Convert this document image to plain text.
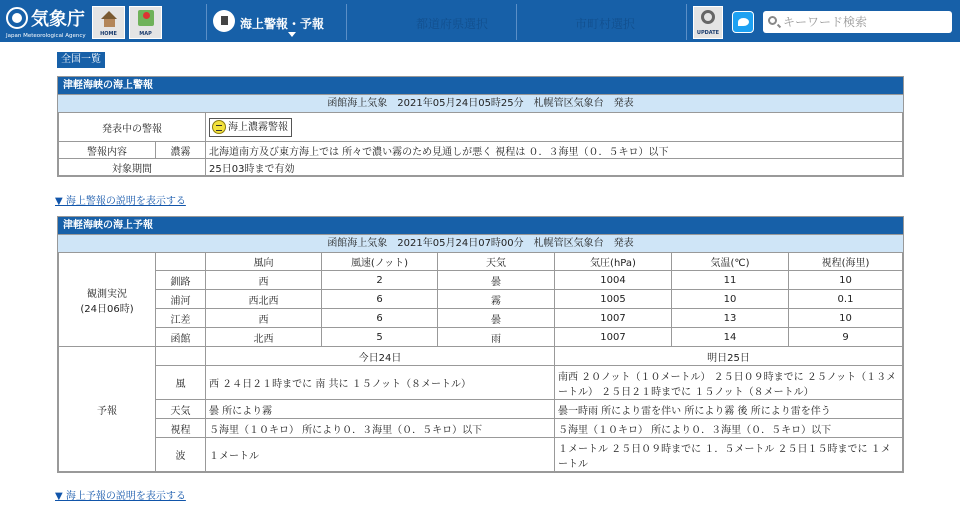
気象庁
Japan Meteorological Agency	HOME	MAP
海上警報・予報	都道府県選択	市町村選択
UPDATE
キーワード検索
全国一覧
津軽海峡の海上警報
函館海上気象　2021年05月24日05時25分　札幌管区気象台　発表
発表中の警報		海上濃霧警報
警報内容	濃霧	北海道南方及び東方海上では 所々で濃い霧のため見通しが悪く 視程は ０．３海里（０．５キロ）以下
対象期間		25日03時まで有効
▼ 海上警報の説明を表示する
津軽海峡の海上予報
函館海上気象　2021年05月24日07時00分　札幌管区気象台　発表
観測実況
(24日06時)		風向	風速(ノット)	天気	気圧(hPa)	気温(℃)	視程(海里)
	釧路	西	2	曇	1004	11	10
	浦河	西北西	6	霧	1005	10	0.1
	江差	西	6	曇	1007	13	10
	函館	北西	5	雨	1007	14	9
予報		今日24日			明日25日		
	風	西 ２４日２１時までに 南 共に １５ノット（８メートル）			南西 ２０ノット（１０メートル） ２５日０９時までに ２５ノット（１３メートル） ２５日２１時までに １５ノット（８メートル）		
	天気	曇 所により霧			曇一時雨 所により雷を伴い 所により霧 後 所により雷を伴う		
	視程	５海里（１０キロ） 所により０．３海里（０．５キロ）以下			５海里（１０キロ） 所により０．３海里（０．５キロ）以下		
	波	１メートル			１メートル ２５日０９時までに １．５メートル ２５日１５時までに １メートル		
▼ 海上予報の説明を表示する
